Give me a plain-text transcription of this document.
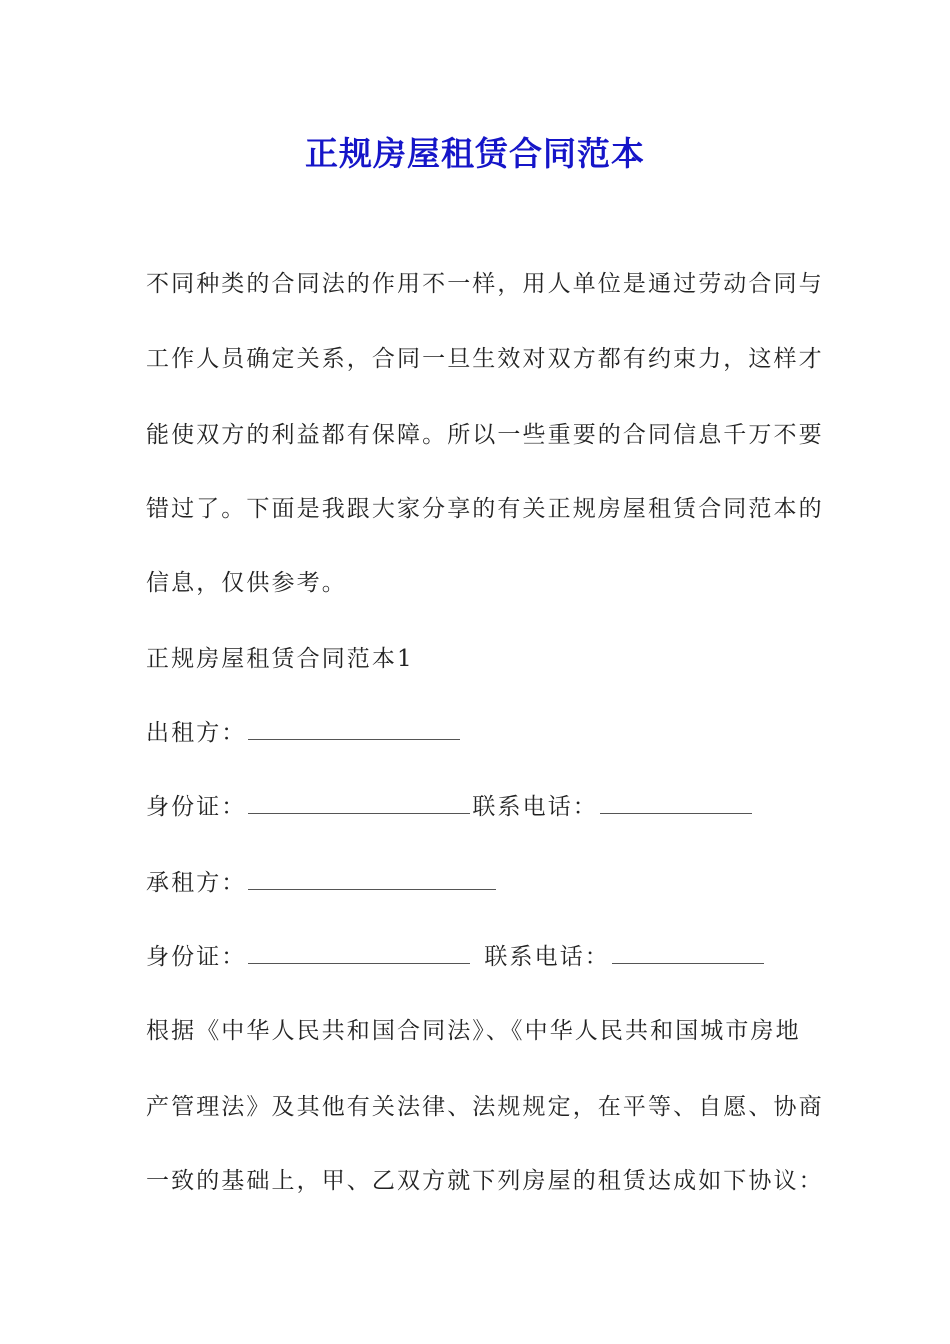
正规房屋租赁合同范本
不同种类的合同法的作用不一样，用人单位是通过劳动合同与
工作人员确定关系，合同一旦生效对双方都有约束力，这样才
能使双方的利益都有保障。所以一些重要的合同信息千万不要
错过了。下面是我跟大家分享的有关正规房屋租赁合同范本的
信息，仅供参考。
正规房屋租赁合同范本1
出租方：
身份证：	联系电话：
承租方：
身份证：	联系电话：
根据《中华人民共和国合同法》、《中华人民共和国城市房地
产管理法》及其他有关法律、法规规定，在平等、自愿、协商
一致的基础上，甲、乙双方就下列房屋的租赁达成如下协议：
